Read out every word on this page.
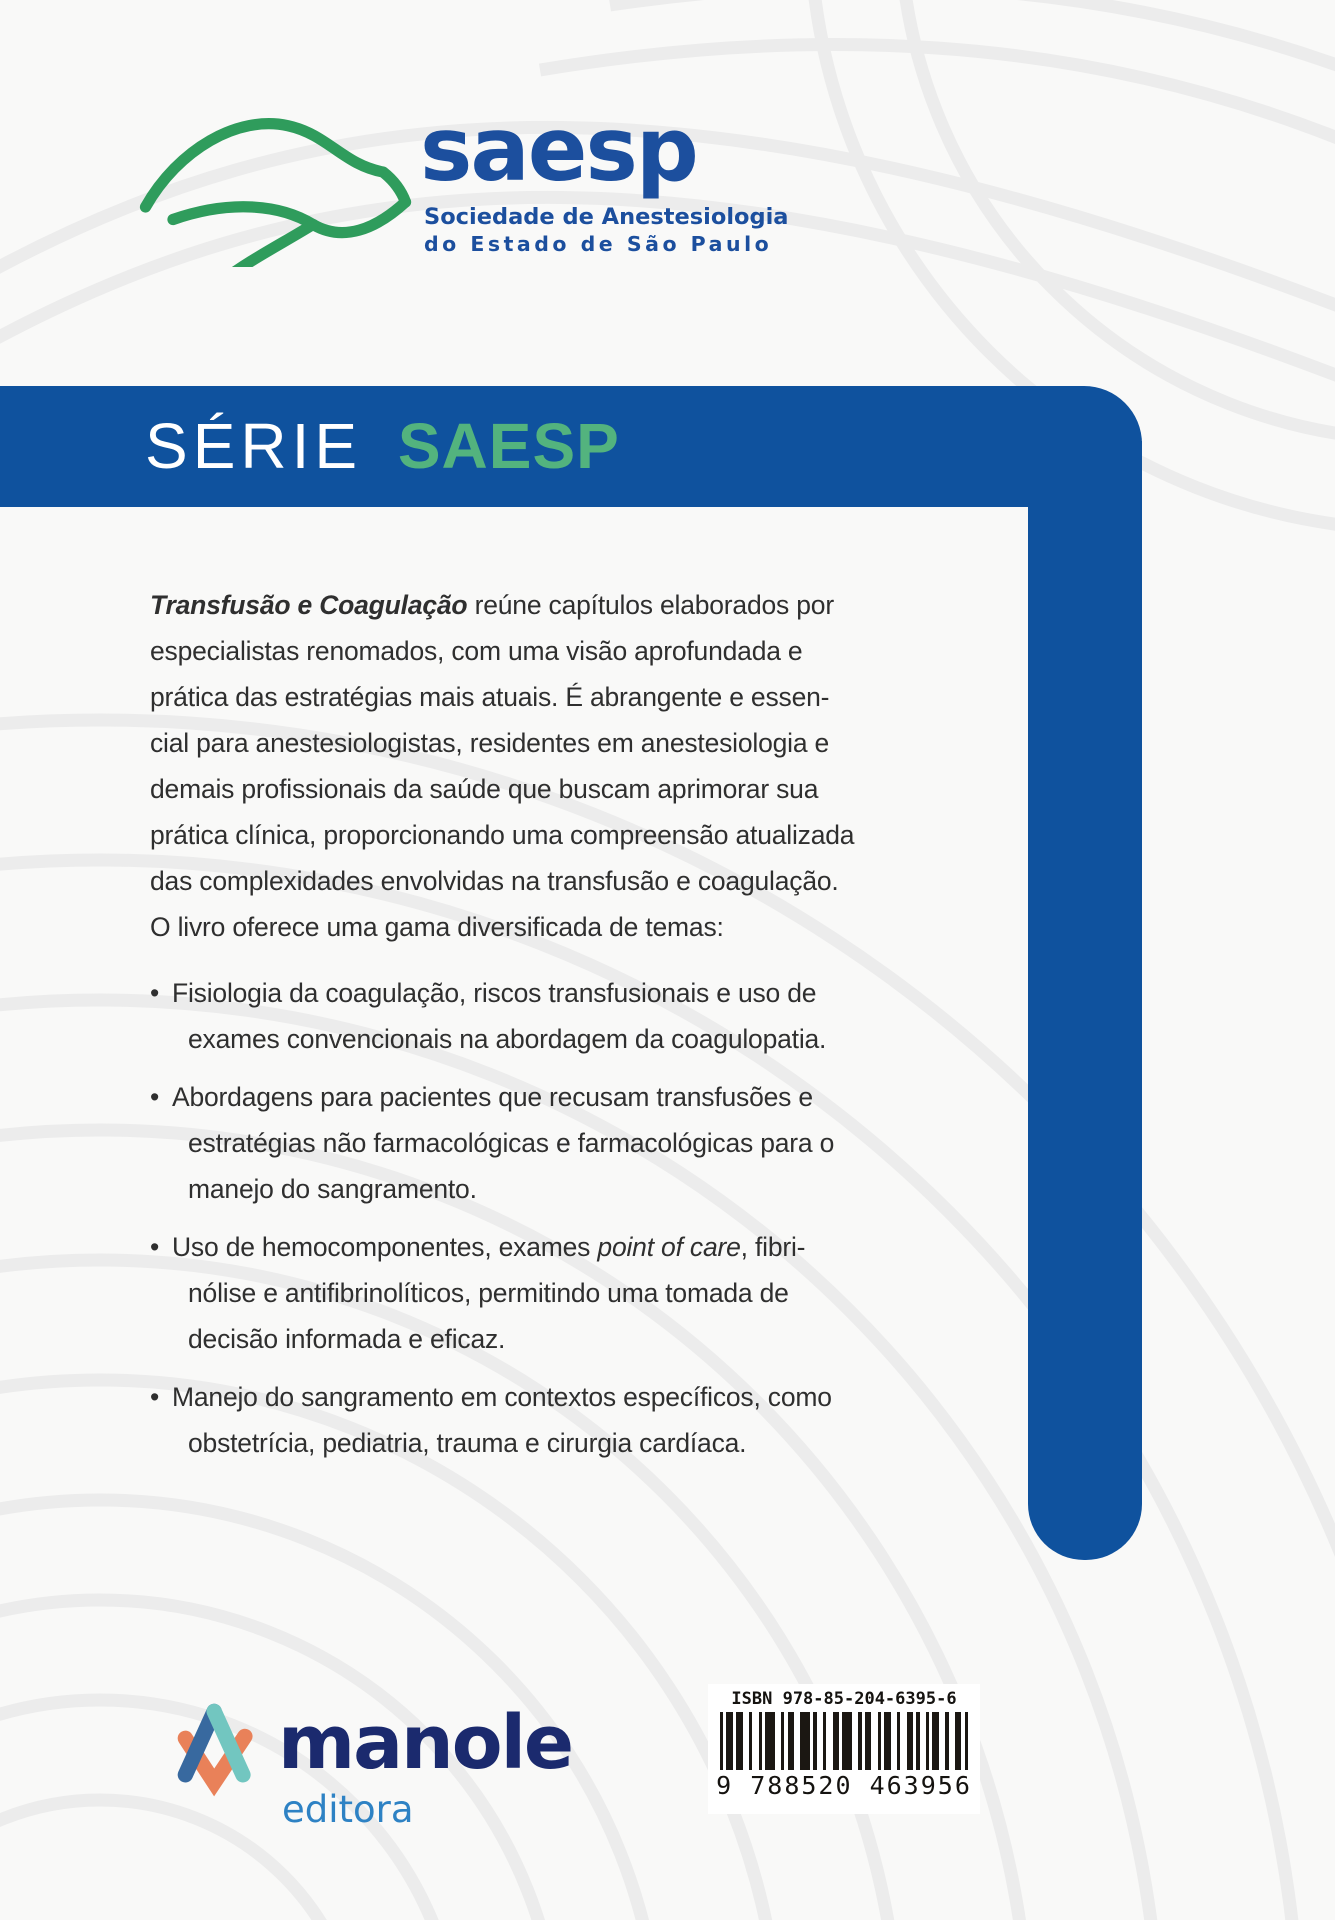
saesp
Sociedade de Anestesiologia
do Estado de São Paulo
SÉRIE SAESP
Transfusão e Coagulação reúne capítulos elaborados por
especialistas renomados, com uma visão aprofundada e
prática das estratégias mais atuais. É abrangente e essen-
cial para anestesiologistas, residentes em anestesiologia e
demais profissionais da saúde que buscam aprimorar sua
prática clínica, proporcionando uma compreensão atualizada
das complexidades envolvidas na transfusão e coagulação.
O livro oferece uma gama diversificada de temas:
• Fisiologia da coagulação, riscos transfusionais e uso de
exames convencionais na abordagem da coagulopatia.
• Abordagens para pacientes que recusam transfusões e
estratégias não farmacológicas e farmacológicas para o
manejo do sangramento.
• Uso de hemocomponentes, exames point of care, fibri-
nólise e antifibrinolíticos, permitindo uma tomada de
decisão informada e eficaz.
• Manejo do sangramento em contextos específicos, como
obstetrícia, pediatria, trauma e cirurgia cardíaca.
manole
editora
ISBN 978-85-204-6395-6
9 788520 463956
